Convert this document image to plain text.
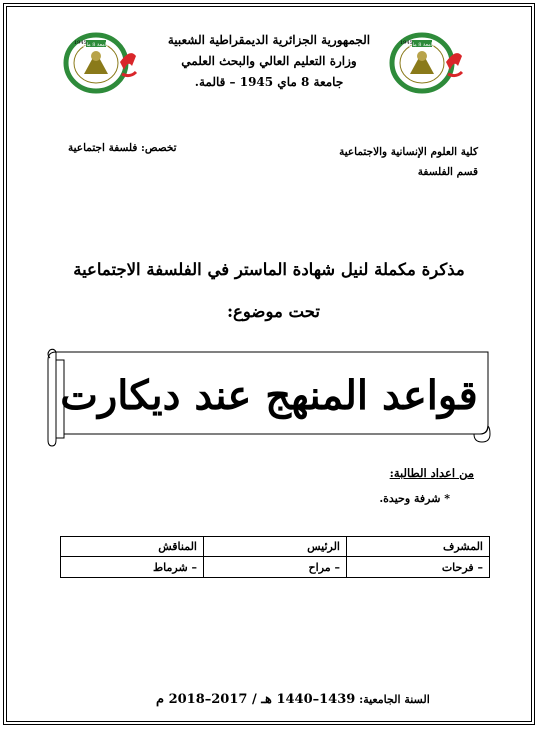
جامعة 8 ماي
1945	جامعة 8 ماي
1945
الجمهورية الجزائرية الديمقراطية الشعبية
وزارة التعليم العالي والبحث العلمي
جامعة 8 ماي 1945 – قالمة.
كلية العلوم الإنسانية والاجتماعية
قسم الفلسفة
تخصص: فلسفة اجتماعية
مذكرة مكملة لنيل شهادة الماستر في الفلسفة الاجتماعية
تحت موضوع:
قواعد المنهج عند ديكارت
من اعداد الطالبة:
* شرفة وحيدة.
المشرف	الرئيس	المناقش
– فرحات	– مراح	– شرماط
السنة الجامعية: 1439–1440 هـ / 2017–2018 م
